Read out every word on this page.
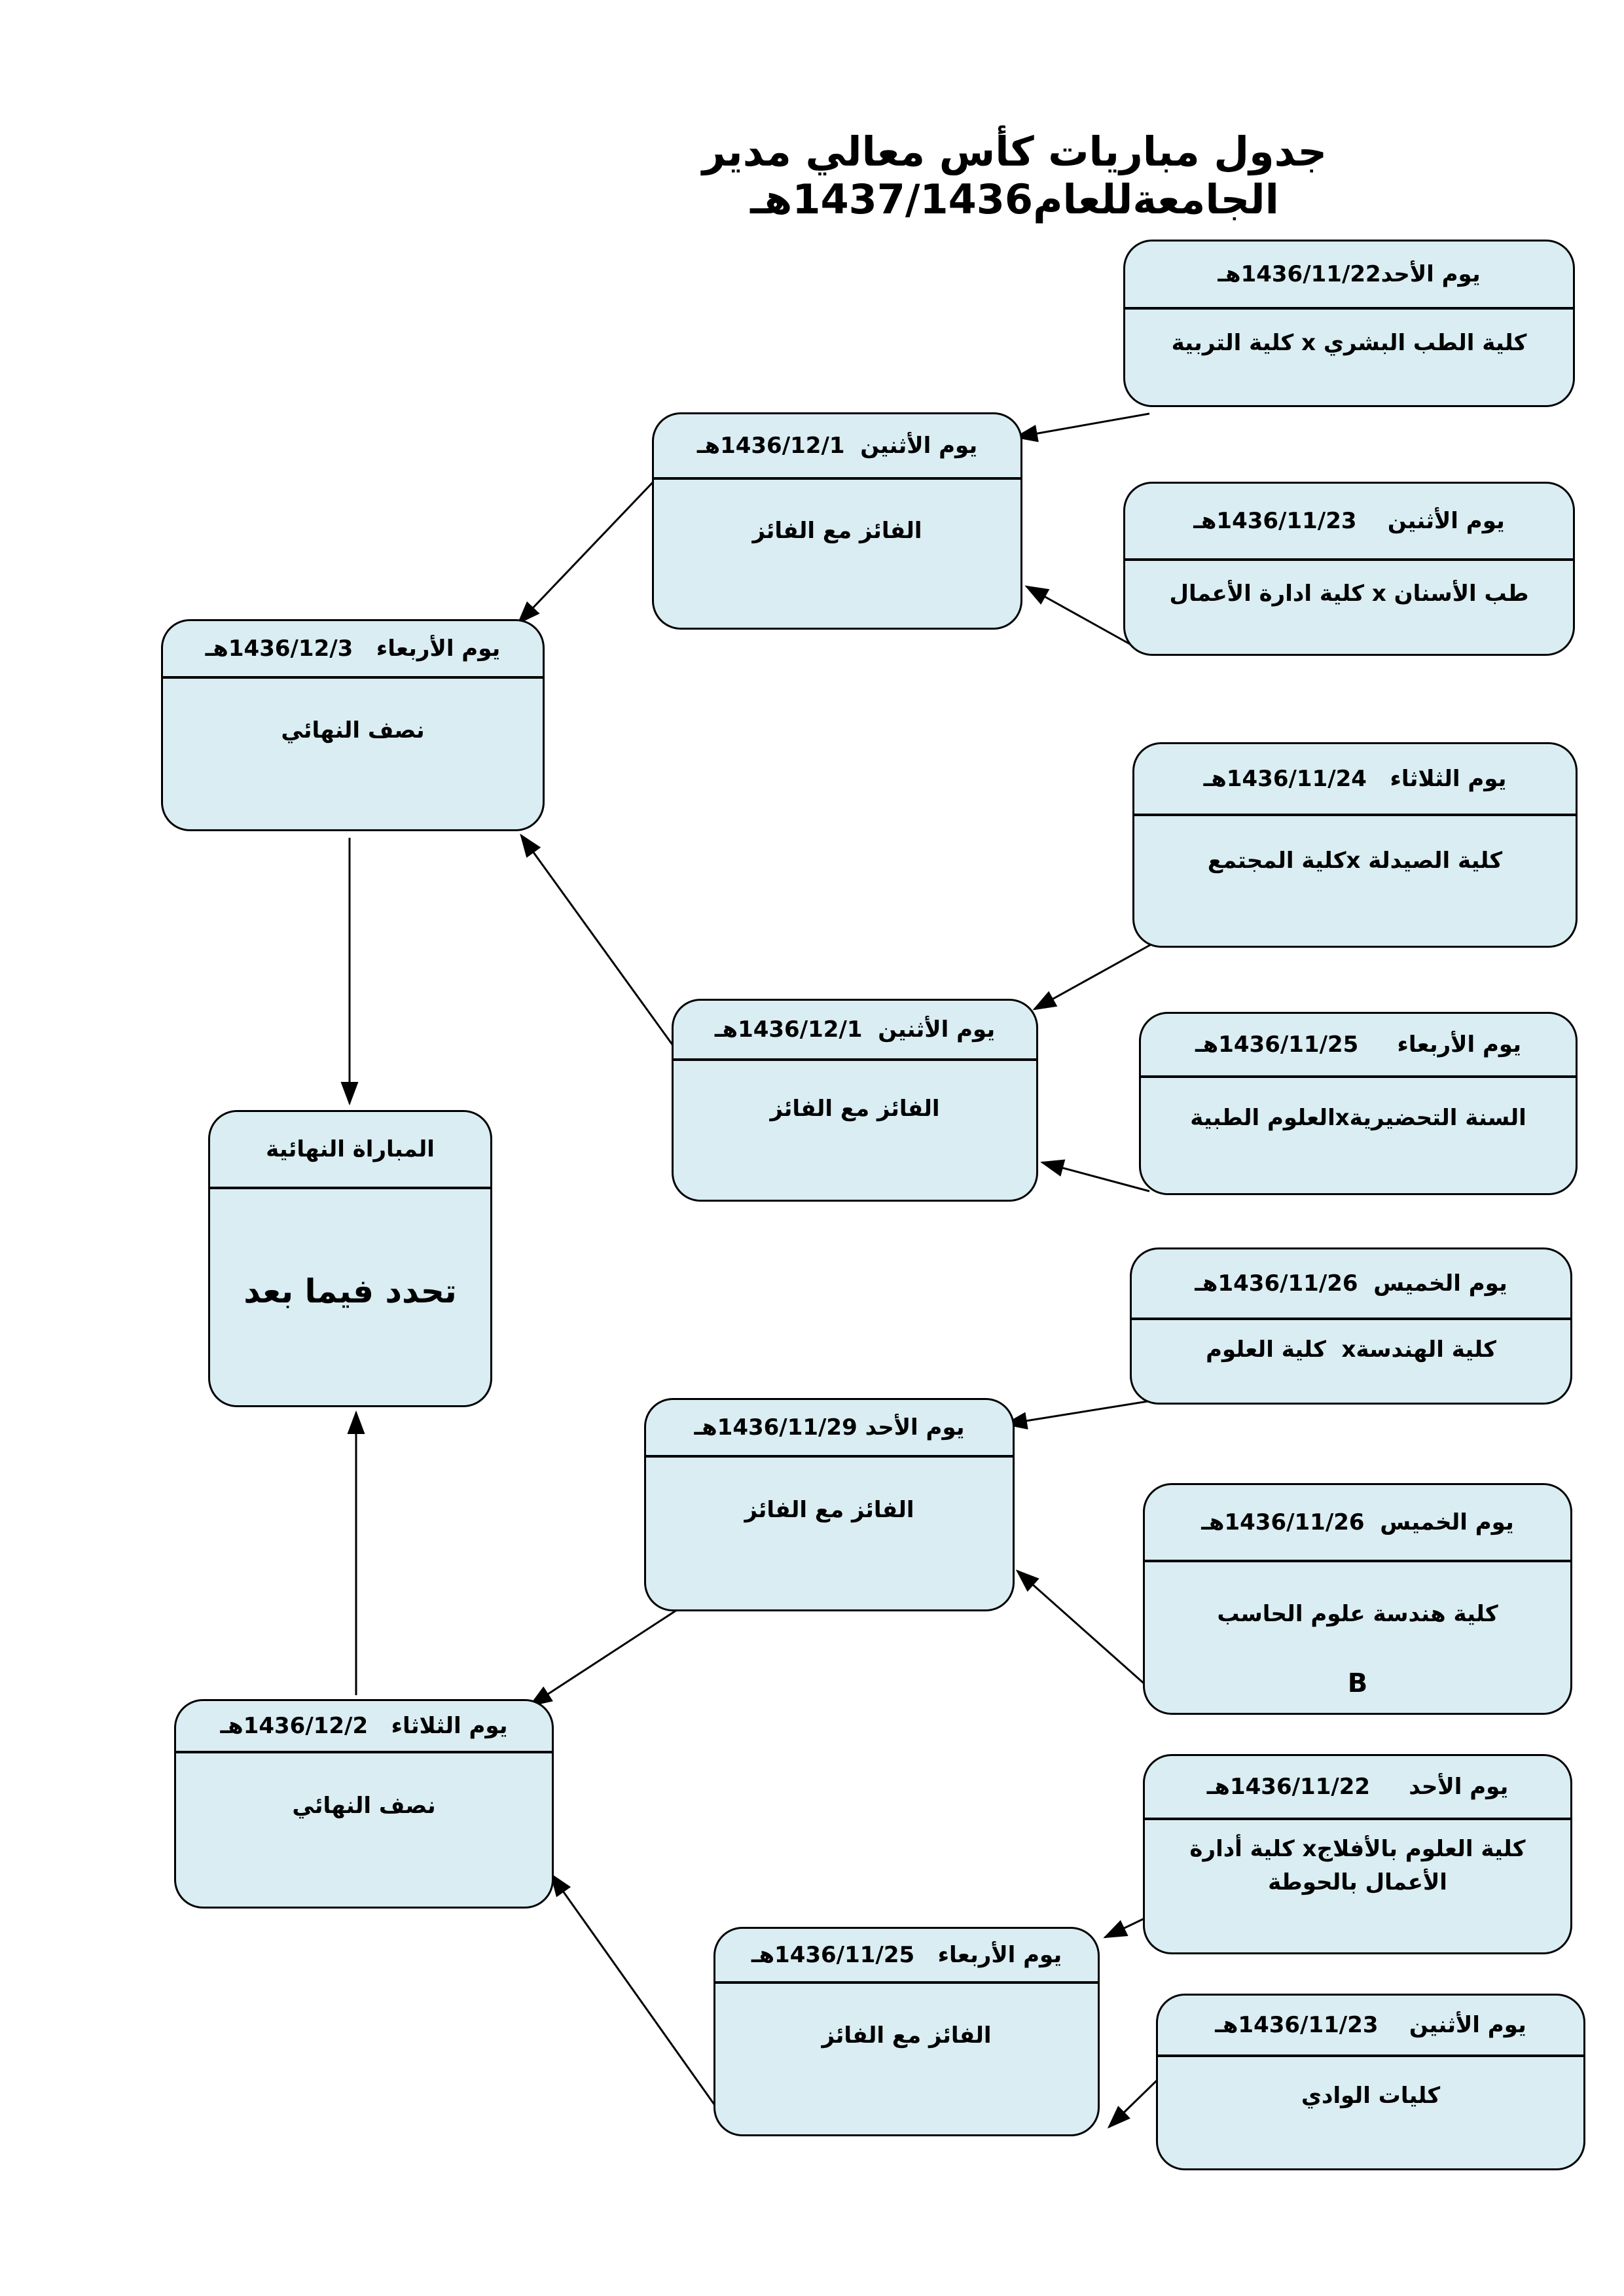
جدول مباريات كأس معالي مدير الجامعةللعام1437/1436هـ
يوم الأحد1436/11/22هـ
كلية الطب البشري x كلية التربية
يوم الأثنين  1436/12/1هـ
الفائز مع الفائز	يوم الأثنين    1436/11/23هـ
طب الأسنان x كلية ادارة الأعمال
يوم الأربعاء   1436/12/3هـ
نصف النهائي
يوم الثلاثاء   1436/11/24هـ
كلية الصيدلة xكلية المجتمع
يوم الأثنين  1436/12/1هـ
الفائز مع الفائز
يوم الأربعاء     1436/11/25هـ
السنة التحضيريةxالعلوم الطبية
المباراة النهائية
تحدد فيما بعد	يوم الخميس  1436/11/26هـ
كلية الهندسةx  كلية العلوم
يوم الأحد 1436/11/29هـ
الفائز مع الفائز	يوم الخميس  1436/11/26هـ
كلية هندسة علوم الحاسب
B
يوم الثلاثاء   1436/12/2هـ
نصف النهائي
يوم الأحد     1436/11/22هـ
كلية العلوم بالأفلاجx كلية أدارة الأعمال بالحوطة
يوم الأربعاء   1436/11/25هـ
الفائز مع الفائز	يوم الأثنين    1436/11/23هـ
كليات الوادي
